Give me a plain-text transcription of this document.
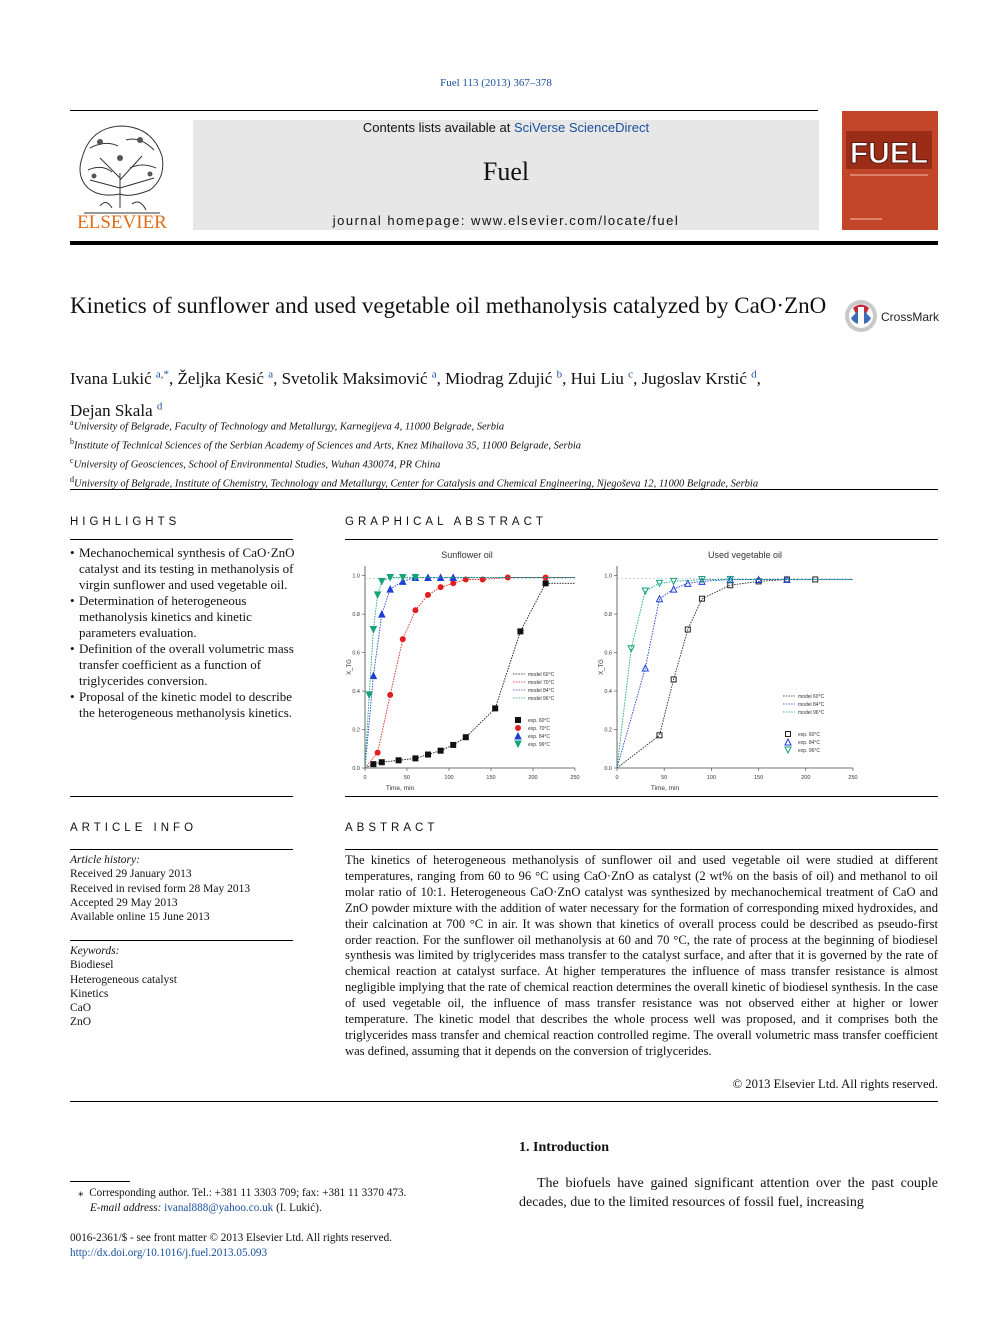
Fuel 113 (2013) 367–378
ELSEVIER
Contents lists available at SciVerse ScienceDirect
Fuel
journal homepage: www.elsevier.com/locate/fuel
FUEL
Kinetics of sunflower and used vegetable oil methanolysis catalyzed by CaO·ZnO	CrossMark
Ivana Lukić $^{a,*}$, Željka Kesić $^a$, Svetolik Maksimović $^a$, Miodrag Zdujić $^b$, Hui Liu $^c$, Jugoslav Krstić $^d$,
Dejan Skala $^d$
$^a$University of Belgrade, Faculty of Technology and Metallurgy, Karnegijeva 4, 11000 Belgrade, Serbia
$^b$Institute of Technical Sciences of the Serbian Academy of Sciences and Arts, Knez Mihailova 35, 11000 Belgrade, Serbia
$^c$University of Geosciences, School of Environmental Studies, Wuhan 430074, PR China
$^d$University of Belgrade, Institute of Chemistry, Technology and Metallurgy, Center for Catalysis and Chemical Engineering, Njegoševa 12, 11000 Belgrade, Serbia
HIGHLIGHTS
• Mechanochemical synthesis of CaO·ZnO catalyst and its testing in methanolysis of virgin sunflower and used vegetable oil.
• Determination of heterogeneous methanolysis kinetics and kinetic parameters evaluation.
• Definition of the overall volumetric mass transfer coefficient as a function of triglycerides conversion.
• Proposal of the kinetic model to describe the heterogeneous methanolysis kinetics.
GRAPHICAL ABSTRACT
Sunflower oil
0	50	100	150	200	250
0.0
0.2
0.4
0.6
0.8
1.0
Time, min
X_TG
model 60°C
model 70°C
model 84°C
model 96°C
exp. 60°C
exp. 70°C
exp. 84°C
exp. 96°C
Used vegetable oil
0	50	100	150	200	250
0.0
0.2
0.4
0.6
0.8
1.0
Time, min
X_TG
model 60°C
model 84°C
model 96°C
exp. 60°C
exp. 84°C
exp. 96°C
ARTICLE INFO
Article history:
Received 29 January 2013
Received in revised form 28 May 2013
Accepted 29 May 2013
Available online 15 June 2013
Keywords:
Biodiesel
Heterogeneous catalyst
Kinetics
CaO
ZnO
ABSTRACT
The kinetics of heterogeneous methanolysis of sunflower oil and used vegetable oil were studied at different temperatures, ranging from 60 to 96 °C using CaO·ZnO as catalyst (2 wt% on the basis of oil) and methanol to oil molar ratio of 10:1. Heterogeneous CaO·ZnO catalyst was synthesized by mechanochemical treatment of CaO and ZnO powder mixture with the addition of water necessary for the formation of corresponding mixed hydroxides, and their calcination at 700 °C in air. It was shown that kinetics of overall process could be described as pseudo-first order reaction. For the sunflower oil methanolysis at 60 and 70 °C, the rate of process at the beginning of biodiesel synthesis was limited by triglycerides mass transfer to the catalyst surface, and after that it is governed by the rate of chemical reaction at catalyst surface. At higher temperatures the influence of mass transfer resistance is almost negligible implying that the rate of chemical reaction determines the overall kinetic of biodiesel synthesis. In the case of used vegetable oil, the influence of mass transfer resistance was not observed either at higher or lower temperature. The kinetic model that describes the whole process well was proposed, and it comprises both the triglycerides mass transfer and chemical reaction controlled regime. The overall volumetric mass transfer coefficient was defined, assuming that it depends on the conversion of triglycerides.
© 2013 Elsevier Ltd. All rights reserved.
1. Introduction
The biofuels have gained significant attention over the past couple decades, due to the limited resources of fossil fuel, increasing
⁎ Corresponding author. Tel.: +381 11 3303 709; fax: +381 11 3370 473.
E-mail address: ivanal888@yahoo.co.uk (I. Lukić).
0016-2361/$ - see front matter © 2013 Elsevier Ltd. All rights reserved.
http://dx.doi.org/10.1016/j.fuel.2013.05.093
